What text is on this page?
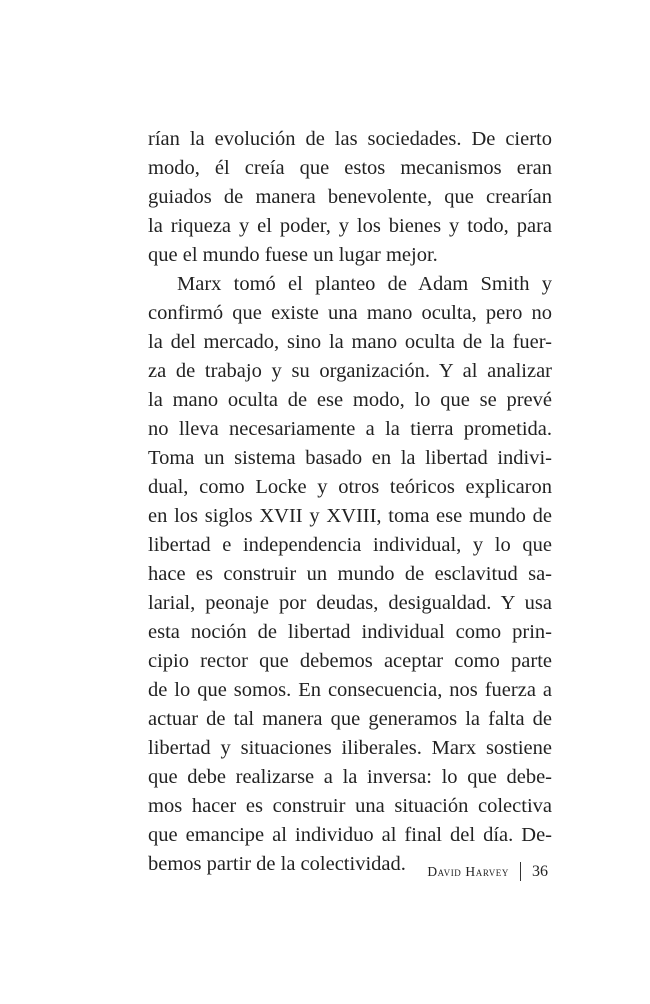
rían la evolución de las sociedades. De cierto
modo, él creía que estos mecanismos eran
guiados de manera benevolente, que crearían
la riqueza y el poder, y los bienes y todo, para
que el mundo fuese un lugar mejor.
Marx tomó el planteo de Adam Smith y
confirmó que existe una mano oculta, pero no
la del mercado, sino la mano oculta de la fuer-
za de trabajo y su organización. Y al analizar
la mano oculta de ese modo, lo que se prevé
no lleva necesariamente a la tierra prometida.
Toma un sistema basado en la libertad indivi-
dual, como Locke y otros teóricos explicaron
en los siglos XVII y XVIII, toma ese mundo de
libertad e independencia individual, y lo que
hace es construir un mundo de esclavitud sa-
larial, peonaje por deudas, desigualdad. Y usa
esta noción de libertad individual como prin-
cipio rector que debemos aceptar como parte
de lo que somos. En consecuencia, nos fuerza a
actuar de tal manera que generamos la falta de
libertad y situaciones iliberales. Marx sostiene
que debe realizarse a la inversa: lo que debe-
mos hacer es construir una situación colectiva
que emancipe al individuo al final del día. De-
bemos partir de la colectividad.	David Harvey 36
